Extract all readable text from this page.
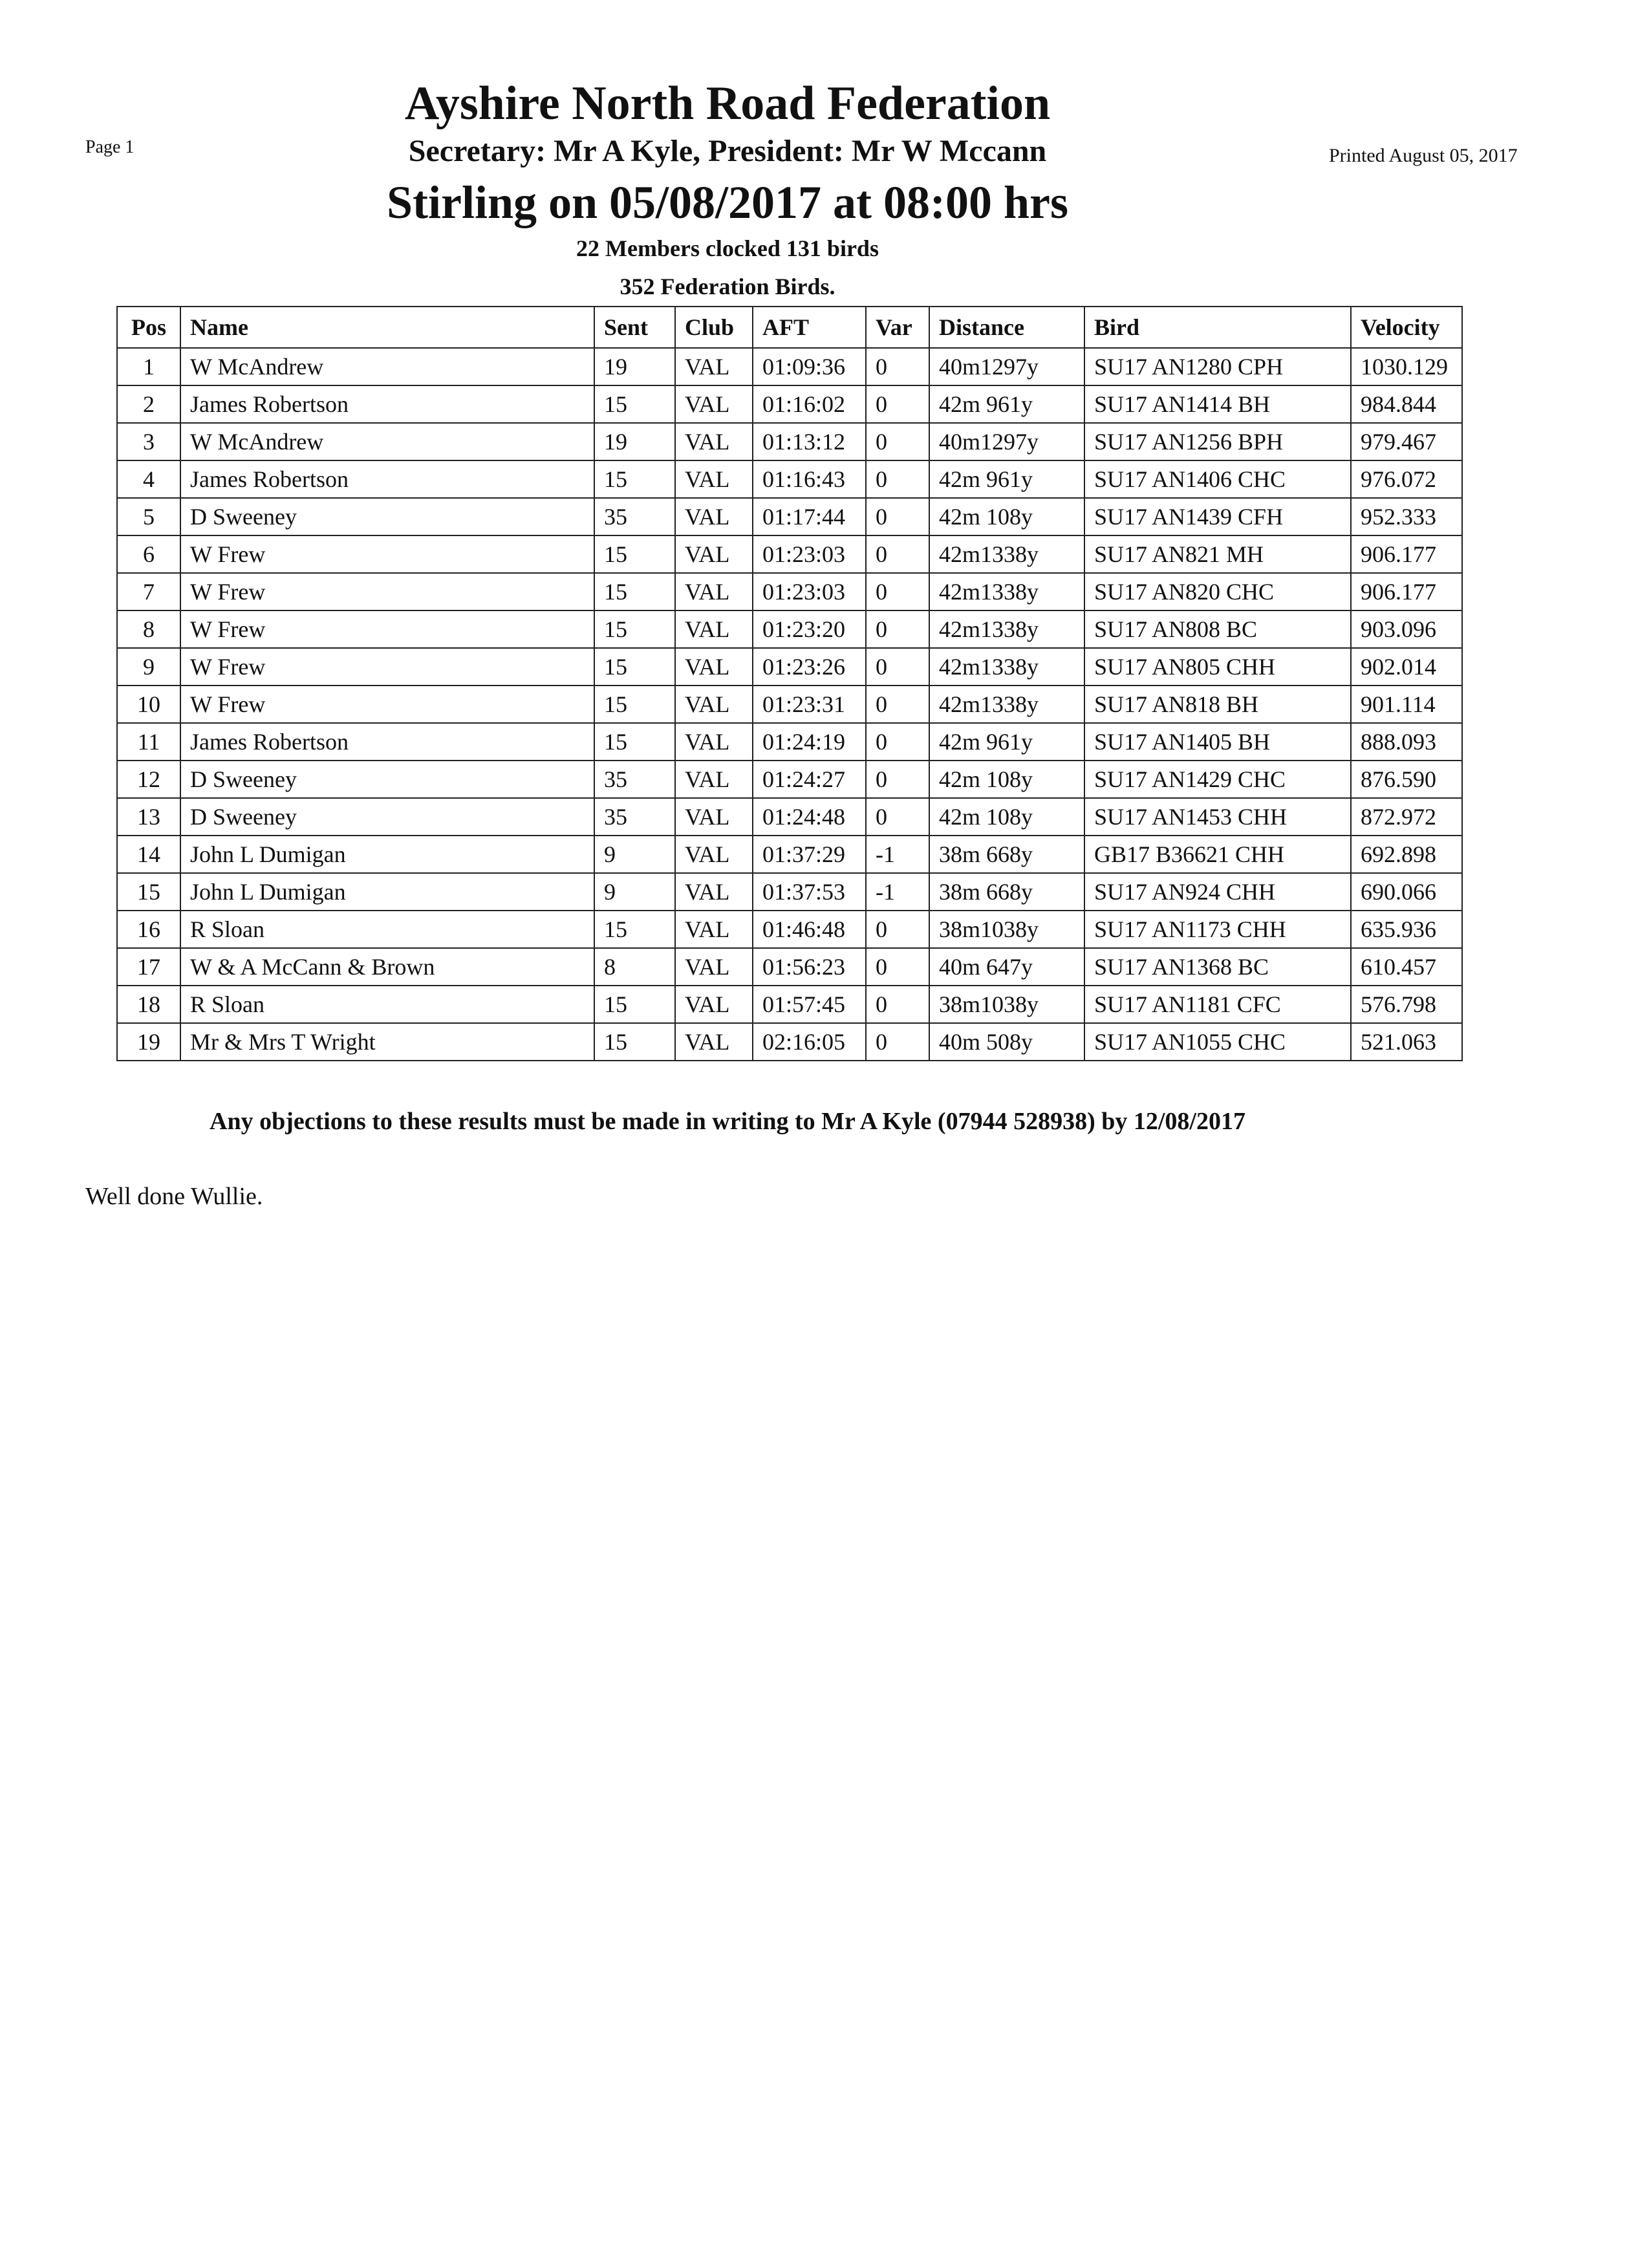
Page 1
Ayshire North Road Federation
Secretary: Mr A Kyle, President: Mr W Mccann	Printed August 05, 2017
Stirling on 05/08/2017 at 08:00 hrs
22 Members clocked 131 birds
352 Federation Birds.
Pos	Name	Sent	Club	AFT	Var	Distance	Bird	Velocity
1	W McAndrew	19	VAL	01:09:36	0	40m1297y	SU17 AN1280 CPH	1030.129
2	James Robertson	15	VAL	01:16:02	0	42m 961y	SU17 AN1414 BH	984.844
3	W McAndrew	19	VAL	01:13:12	0	40m1297y	SU17 AN1256 BPH	979.467
4	James Robertson	15	VAL	01:16:43	0	42m 961y	SU17 AN1406 CHC	976.072
5	D Sweeney	35	VAL	01:17:44	0	42m 108y	SU17 AN1439 CFH	952.333
6	W Frew	15	VAL	01:23:03	0	42m1338y	SU17 AN821 MH	906.177
7	W Frew	15	VAL	01:23:03	0	42m1338y	SU17 AN820 CHC	906.177
8	W Frew	15	VAL	01:23:20	0	42m1338y	SU17 AN808 BC	903.096
9	W Frew	15	VAL	01:23:26	0	42m1338y	SU17 AN805 CHH	902.014
10	W Frew	15	VAL	01:23:31	0	42m1338y	SU17 AN818 BH	901.114
11	James Robertson	15	VAL	01:24:19	0	42m 961y	SU17 AN1405 BH	888.093
12	D Sweeney	35	VAL	01:24:27	0	42m 108y	SU17 AN1429 CHC	876.590
13	D Sweeney	35	VAL	01:24:48	0	42m 108y	SU17 AN1453 CHH	872.972
14	John L Dumigan	9	VAL	01:37:29	-1	38m 668y	GB17 B36621 CHH	692.898
15	John L Dumigan	9	VAL	01:37:53	-1	38m 668y	SU17 AN924 CHH	690.066
16	R Sloan	15	VAL	01:46:48	0	38m1038y	SU17 AN1173 CHH	635.936
17	W & A McCann & Brown	8	VAL	01:56:23	0	40m 647y	SU17 AN1368 BC	610.457
18	R Sloan	15	VAL	01:57:45	0	38m1038y	SU17 AN1181 CFC	576.798
19	Mr & Mrs T Wright	15	VAL	02:16:05	0	40m 508y	SU17 AN1055 CHC	521.063
Any objections to these results must be made in writing to Mr A Kyle (07944 528938) by 12/08/2017
Well done Wullie.
